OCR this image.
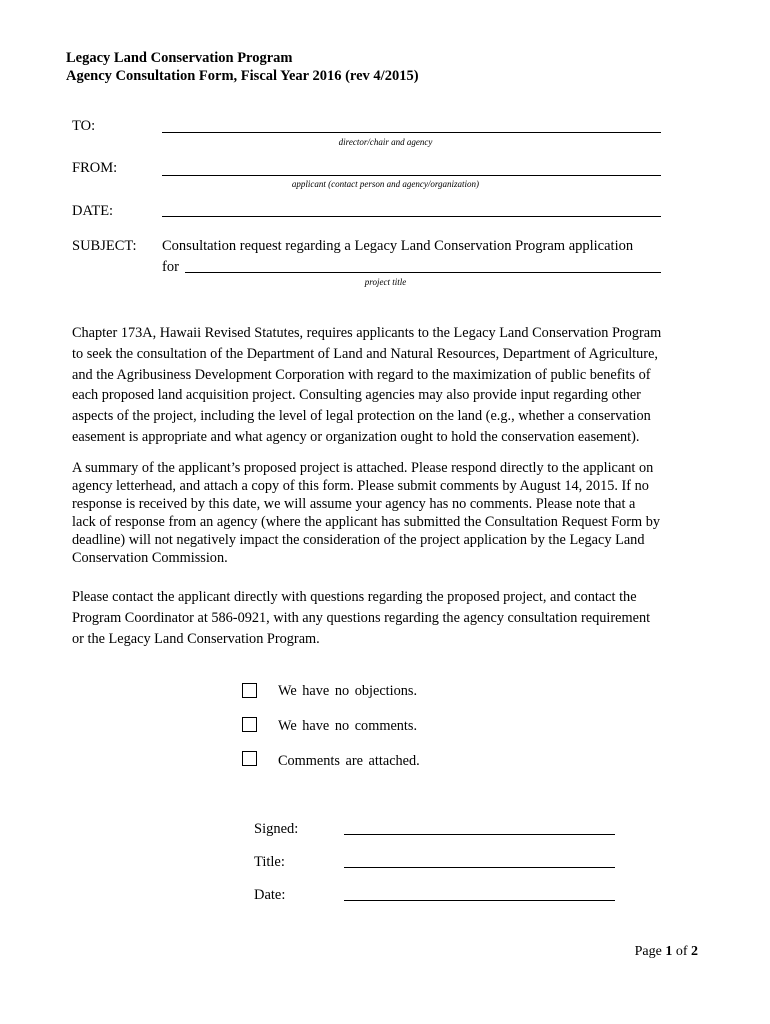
Legacy Land Conservation Program
Agency Consultation Form, Fiscal Year 2016 (rev 4/2015)
TO:
director/chair and agency
FROM:
applicant (contact person and agency/organization)
DATE:
SUBJECT: Consultation request regarding a Legacy Land Conservation Program application
for
project title
Chapter 173A, Hawaii Revised Statutes, requires applicants to the Legacy Land Conservation Program
to seek the consultation of the Department of Land and Natural Resources, Department of Agriculture,
and the Agribusiness Development Corporation with regard to the maximization of public benefits of
each proposed land acquisition project. Consulting agencies may also provide input regarding other
aspects of the project, including the level of legal protection on the land (e.g., whether a conservation
easement is appropriate and what agency or organization ought to hold the conservation easement).
A summary of the applicant’s proposed project is attached. Please respond directly to the applicant on
agency letterhead, and attach a copy of this form. Please submit comments by August 14, 2015. If no
response is received by this date, we will assume your agency has no comments. Please note that a
lack of response from an agency (where the applicant has submitted the Consultation Request Form by
deadline) will not negatively impact the consideration of the project application by the Legacy Land
Conservation Commission.
Please contact the applicant directly with questions regarding the proposed project, and contact the
Program Coordinator at 586-0921, with any questions regarding the agency consultation requirement
or the Legacy Land Conservation Program.
We have no objections.
We have no comments.
Comments are attached.
Signed:
Title:
Date:
Page 1 of 2
